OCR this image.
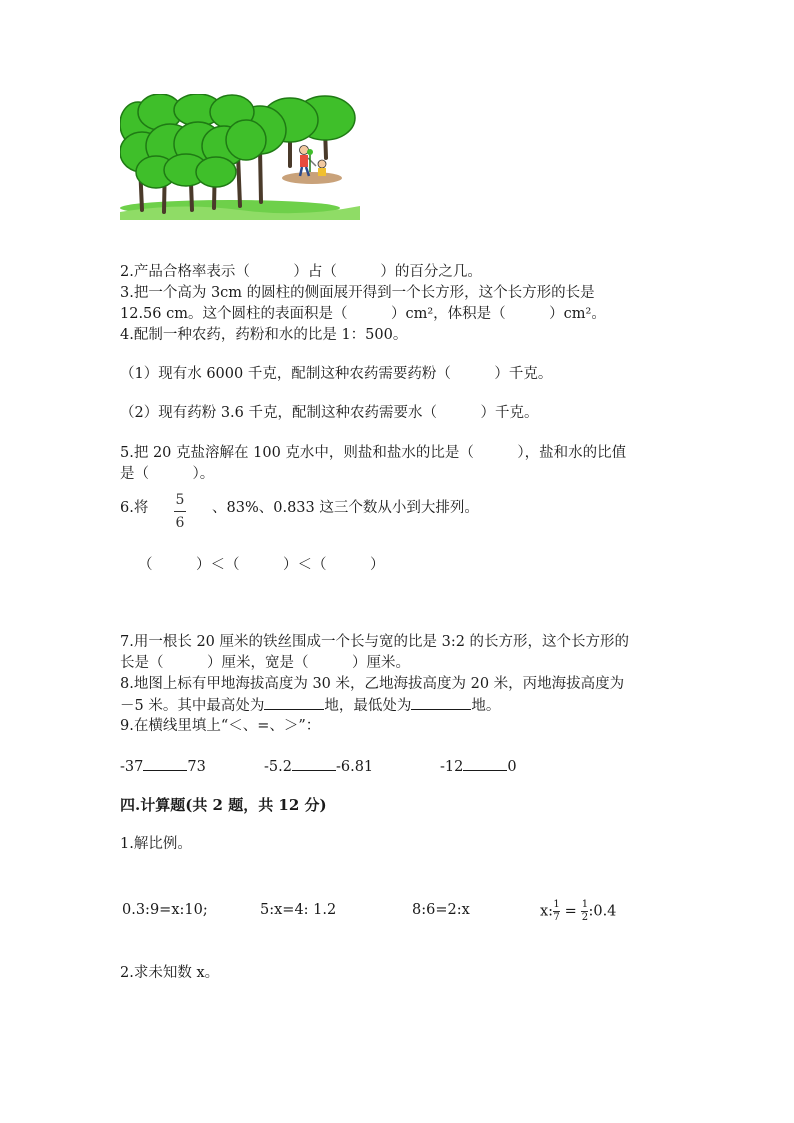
2.产品合格率表示（　　　）占（　　　）的百分之几。
3.把一个高为 3cm 的圆柱的侧面展开得到一个长方形，这个长方形的长是
12.56 cm。这个圆柱的表面积是（　　　）cm²，体积是（　　　）cm²。
4.配制一种农药，药粉和水的比是 1：500。
（1）现有水 6000 千克，配制这种农药需要药粉（　　　）千克。
（2）现有药粉 3.6 千克，配制这种农药需要水（　　　）千克。
5.把 20 克盐溶解在 100 克水中，则盐和盐水的比是（　　　），盐和水的比值
是（　　　）。
6.将 5
6
、83%、0.833 这三个数从小到大排列。
（　　　）＜（　　　）＜（　　　）
7.用一根长 20 厘米的铁丝围成一个长与宽的比是 3:2 的长方形，这个长方形的
长是（　　　）厘米，宽是（　　　）厘米。
8.地图上标有甲地海拔高度为 30 米，乙地海拔高度为 20 米，丙地海拔高度为
－5 米。其中最高处为	地，最低处为	地。
9.在横线里填上“＜、=、＞”：
-37	73	-5.2	-6.81	-12	0
四.计算题(共 2 题，共 12 分)
1.解比例。
0.3:9=x:10;	5:x=4: 1.2	8:6=2:x	$x:\frac{1}{7}$ = $\frac{1}{2}:0.4$
2.求未知数 x。
